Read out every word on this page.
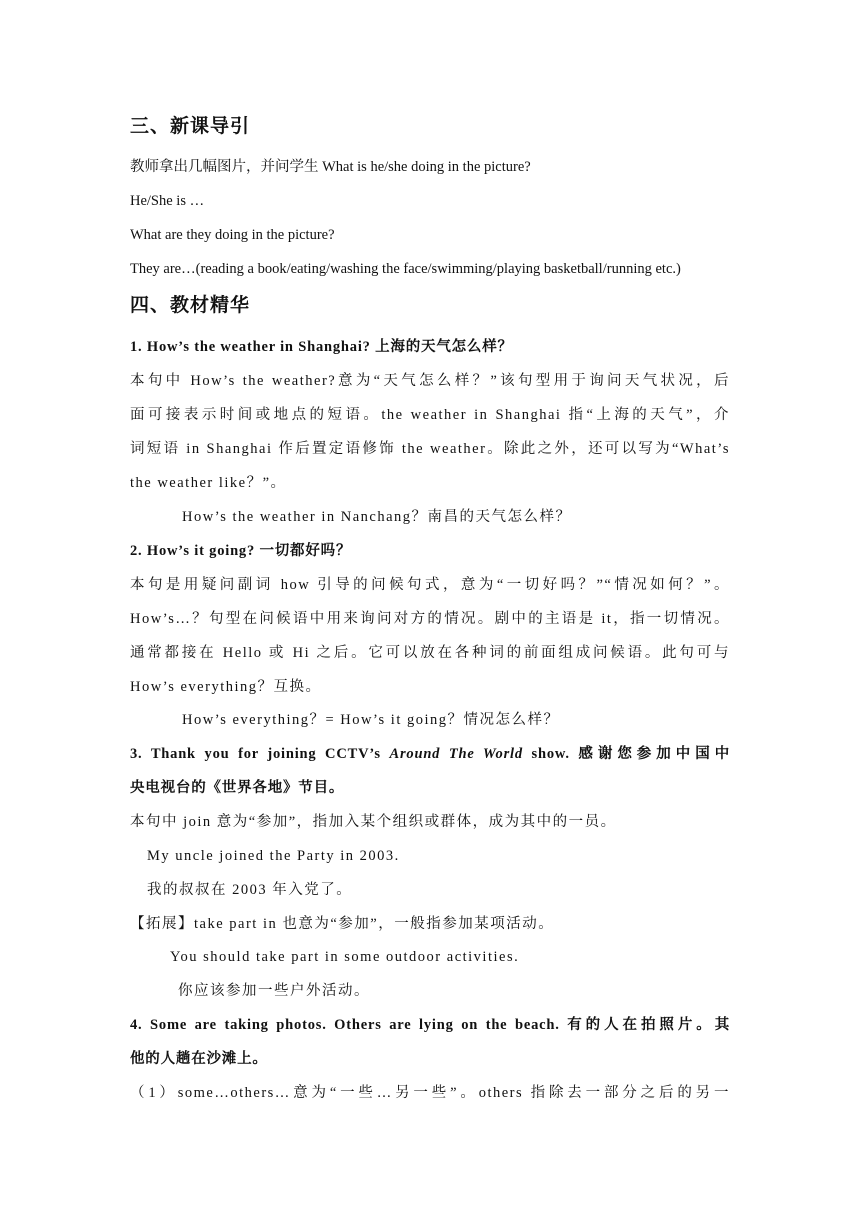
三、新课导引
教师拿出几幅图片，并问学生 What is he/she doing in the picture?
He/She is …
What are they doing in the picture?
They are…(reading a book/eating/washing the face/swimming/playing basketball/running etc.)
四、教材精华
1. How’s the weather in Shanghai? 上海的天气怎么样？
本句中 How’s the weather?意为“天气怎么样？”该句型用于询问天气状况，后
面可接表示时间或地点的短语。the weather in Shanghai 指“上海的天气”，介
词短语 in Shanghai 作后置定语修饰 the weather。除此之外，还可以写为“What’s
the weather like？”。
How’s the weather in Nanchang？南昌的天气怎么样？
2. How’s it going? 一切都好吗？
本句是用疑问副词 how 引导的问候句式，意为“一切好吗？”“情况如何？”。
How’s…？句型在问候语中用来询问对方的情况。剧中的主语是 it，指一切情况。
通常都接在 Hello 或 Hi 之后。它可以放在各种词的前面组成问候语。此句可与
How’s everything？互换。
How’s everything？= How’s it going？情况怎么样？
3. Thank you for joining CCTV’s Around The World show. 感谢您参加中国中
央电视台的《世界各地》节目。
本句中 join 意为“参加”，指加入某个组织或群体，成为其中的一员。
My uncle joined the Party in 2003.
我的叔叔在 2003 年入党了。
【拓展】take part in 也意为“参加”，一般指参加某项活动。
You should take part in some outdoor activities.
你应该参加一些户外活动。
4. Some are taking photos. Others are lying on the beach. 有的人在拍照片。其
他的人趟在沙滩上。
（1）some…others…意为“一些…另一些”。others 指除去一部分之后的另一
